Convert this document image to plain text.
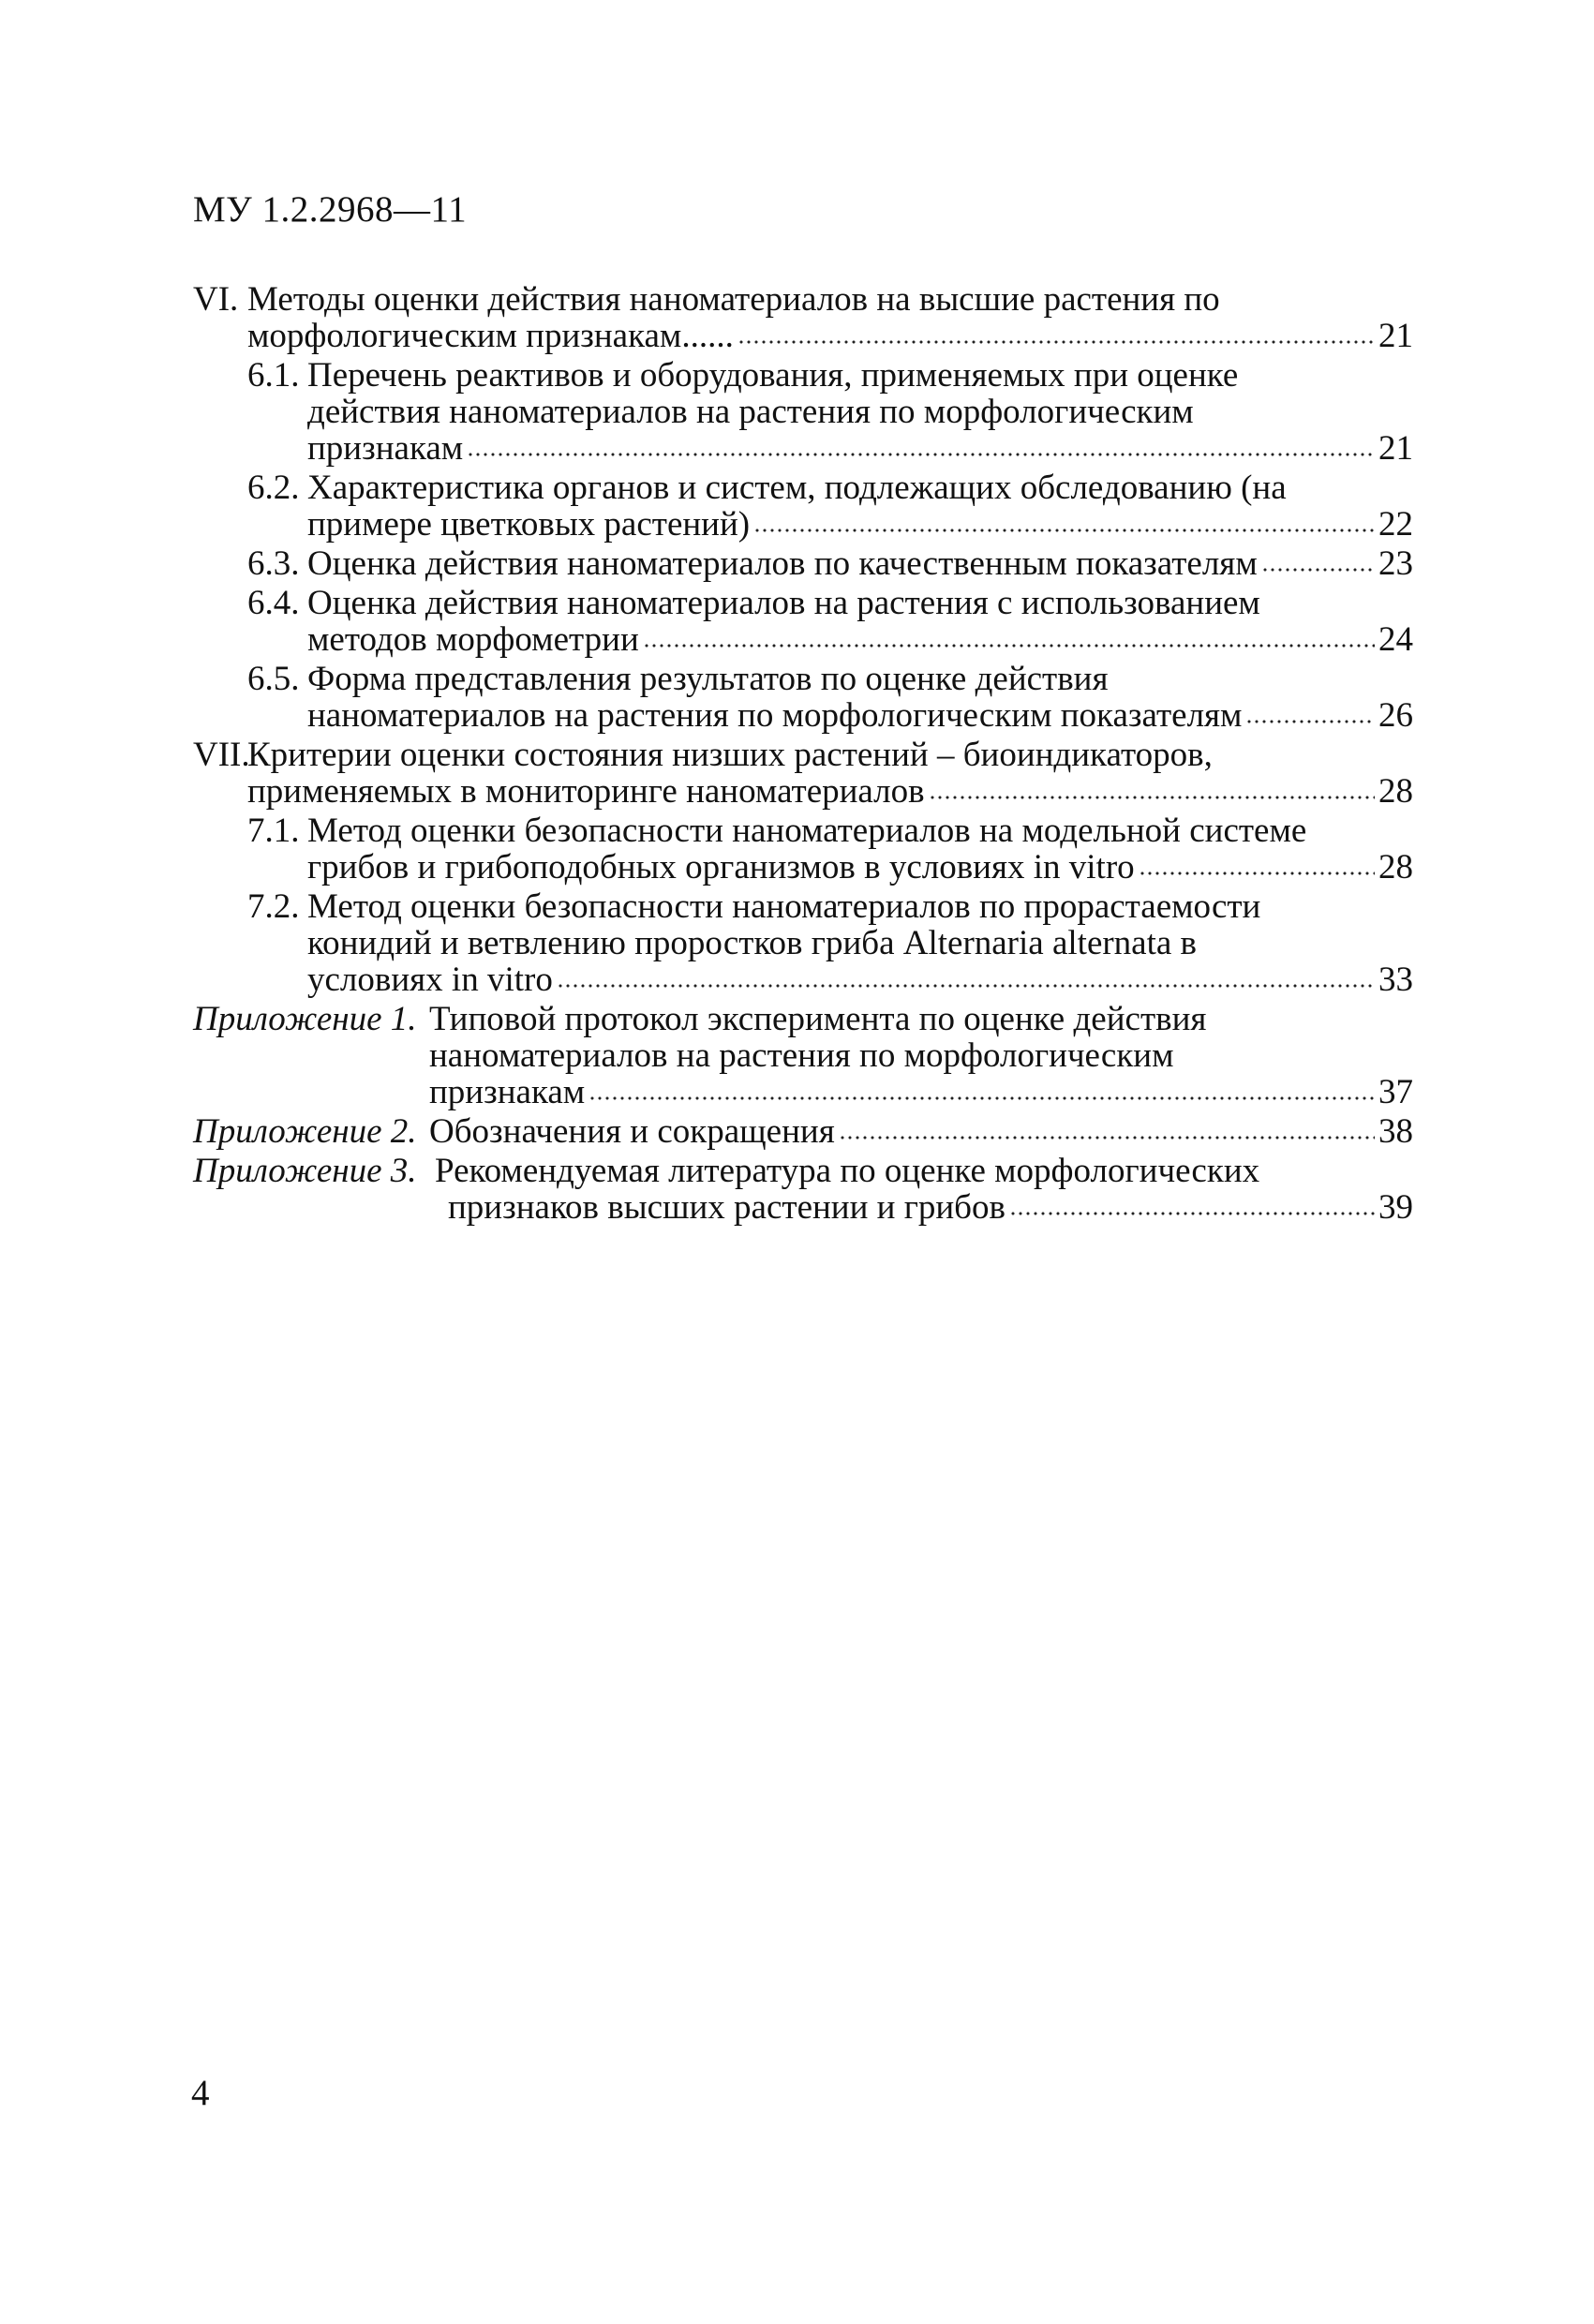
МУ 1.2.2968—11
VI. Методы оценки действия наноматериалов на высшие растения по
морфологическим признакам......	21
6.1. Перечень реактивов и оборудования, применяемых при оценке
действия наноматериалов на растения по морфологическим
признакам	21
6.2. Характеристика органов и систем, подлежащих обследованию (на
примере цветковых растений)	22
6.3. Оценка действия наноматериалов по качественным показателям	23
6.4. Оценка действия наноматериалов на растения с использованием
методов морфометрии	24
6.5. Форма представления результатов по оценке действия
наноматериалов на растения по морфологическим показателям	26
VII.
Критерии оценки состояния низших растений – биоиндикаторов,
применяемых в мониторинге наноматериалов	28
7.1. Метод оценки безопасности наноматериалов на модельной системе
грибов и грибоподобных организмов в условиях in vitro	28
7.2. Метод оценки безопасности наноматериалов по прорастаемости
конидий и ветвлению проростков гриба Alternaria alternata в
условиях in vitro	33
Приложение 1. Типовой протокол эксперимента по оценке действия
наноматериалов на растения по морфологическим
признакам	37
Приложение 2. Обозначения и сокращения	38
Приложение 3. Рекомендуемая литература по оценке морфологических
признаков высших растении и грибов	39
4
